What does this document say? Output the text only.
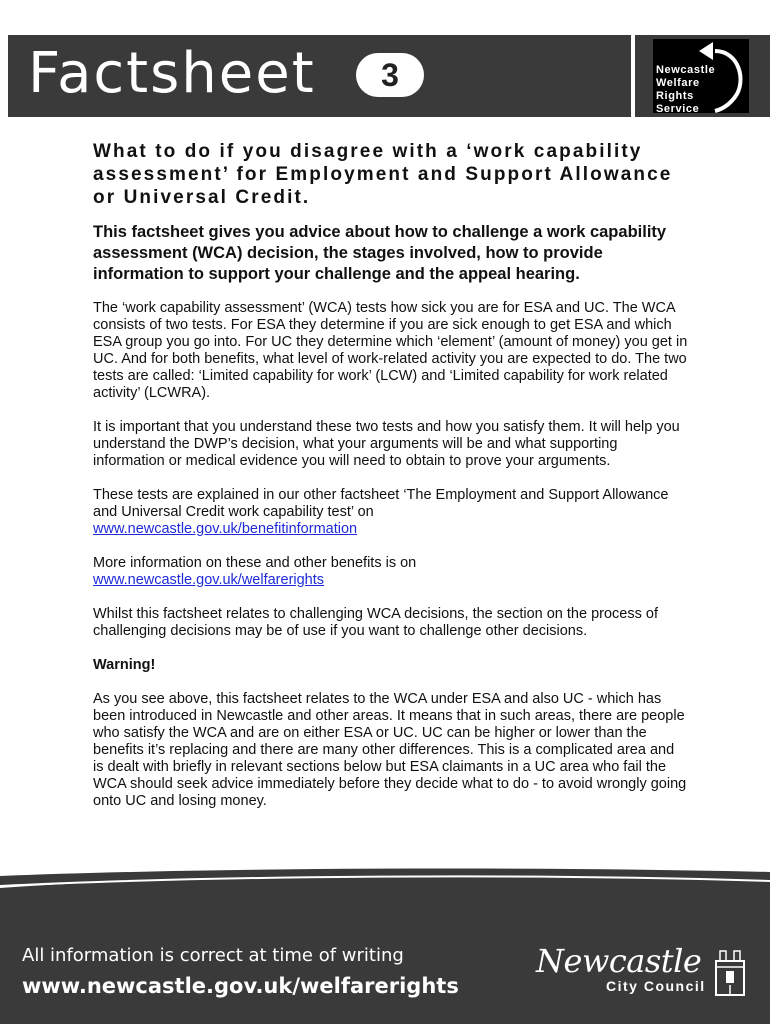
Factsheet	3	Newcastle
Welfare
Rights
Service
What to do if you disagree with a ‘work capability assessment’ for Employment and Support Allowance or Universal Credit.

This factsheet gives you advice about how to challenge a work capability assessment (WCA) decision, the stages involved, how to provide information to support your challenge and the appeal hearing.

The ‘work capability assessment’ (WCA) tests how sick you are for ESA and UC. The WCA consists of two tests. For ESA they determine if you are sick enough to get ESA and which ESA group you go into. For UC they determine which ‘element’ (amount of money) you get in UC. And for both benefits, what level of work-related activity you are expected to do. The two tests are called: ‘Limited capability for work’ (LCW) and ‘Limited capability for work related activity’ (LCWRA).

It is important that you understand these two tests and how you satisfy them. It will help you understand the DWP’s decision, what your arguments will be and what supporting information or medical evidence you will need to obtain to prove your arguments.

These tests are explained in our other factsheet ‘The Employment and Support Allowance and Universal Credit work capability test’ on
www.newcastle.gov.uk/benefitinformation

More information on these and other benefits is on
www.newcastle.gov.uk/welfarerights

Whilst this factsheet relates to challenging WCA decisions, the section on the process of challenging decisions may be of use if you want to challenge other decisions.

Warning!

As you see above, this factsheet relates to the WCA under ESA and also UC - which has been introduced in Newcastle and other areas. It means that in such areas, there are people who satisfy the WCA and are on either ESA or UC. UC can be higher or lower than the benefits it’s replacing and there are many other differences. This is a complicated area and is dealt with briefly in relevant sections below but ESA claimants in a UC area who fail the WCA should seek advice immediately before they decide what to do - to avoid wrongly going onto UC and losing money.

All information is correct at time of writing
www.newcastle.gov.uk/welfarerights
Newcastle
City Council
